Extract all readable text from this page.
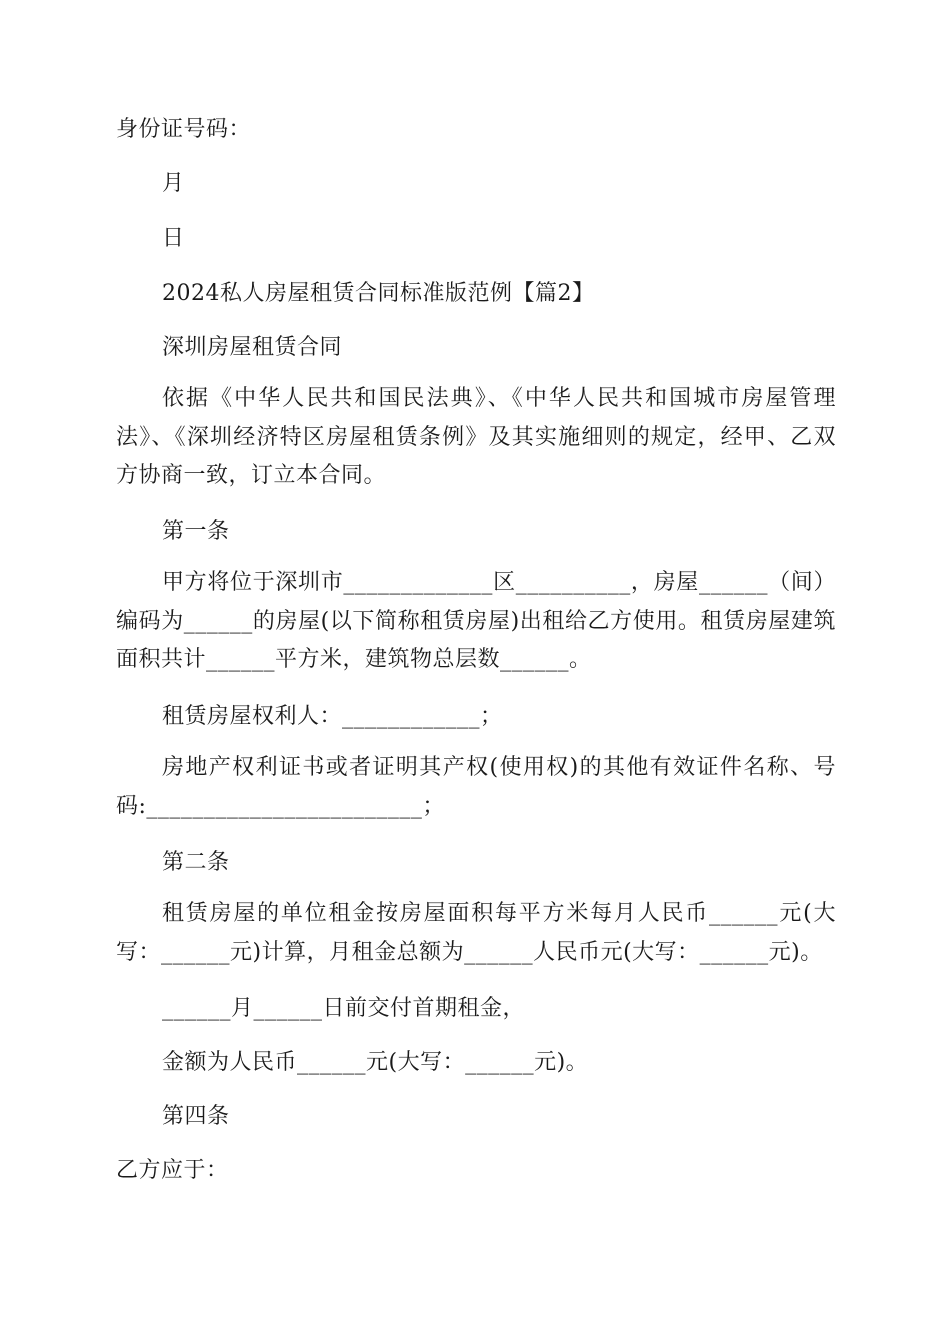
身份证号码：
月
日
2024私人房屋租赁合同标准版范例【篇2】
深圳房屋租赁合同
依据《中华人民共和国民法典》、《中华人民共和国城市房屋管理法》、《深圳经济特区房屋租赁条例》及其实施细则的规定，经甲、乙双方协商一致，订立本合同。
第一条
甲方将位于深圳市_____________区__________，房屋______（间）编码为______的房屋(以下简称租赁房屋)出租给乙方使用。租赁房屋建筑面积共计______平方米，建筑物总层数______。
租赁房屋权利人：____________；
房地产权利证书或者证明其产权(使用权)的其他有效证件名称、号码:________________________；
第二条
租赁房屋的单位租金按房屋面积每平方米每月人民币______元(大写：______元)计算，月租金总额为______人民币元(大写：______元)。
______月______日前交付首期租金，
金额为人民币______元(大写：______元)。
第四条
乙方应于：
